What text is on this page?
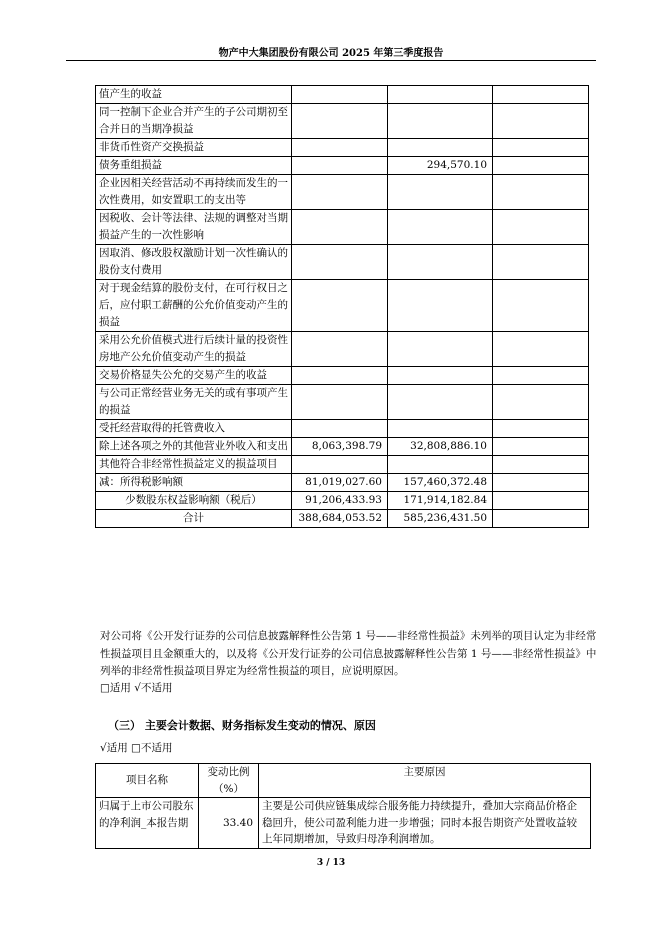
物产中大集团股份有限公司 2025 年第三季度报告
值产生的收益			
同一控制下企业合并产生的子公司期初至合并日的当期净损益			
非货币性资产交换损益			
债务重组损益		294,570.10	
企业因相关经营活动不再持续而发生的一次性费用，如安置职工的支出等			
因税收、会计等法律、法规的调整对当期损益产生的一次性影响			
因取消、修改股权激励计划一次性确认的股份支付费用			
对于现金结算的股份支付，在可行权日之后，应付职工薪酬的公允价值变动产生的损益			
采用公允价值模式进行后续计量的投资性房地产公允价值变动产生的损益			
交易价格显失公允的交易产生的收益			
与公司正常经营业务无关的或有事项产生的损益			
受托经营取得的托管费收入			
除上述各项之外的其他营业外收入和支出	8,063,398.79	32,808,886.10	
其他符合非经常性损益定义的损益项目			
减：所得税影响额	81,019,027.60	157,460,372.48	
少数股东权益影响额（税后）	91,206,433.93	171,914,182.84	
合计	388,684,053.52	585,236,431.50	
对公司将《公开发行证券的公司信息披露解释性公告第 1 号——非经常性损益》未列举的项目认定为非经常性损益项目且金额重大的，以及将《公开发行证券的公司信息披露解释性公告第 1 号——非经常性损益》中列举的非经常性损益项目界定为经常性损益的项目，应说明原因。
□适用 √不适用
（三） 主要会计数据、财务指标发生变动的情况、原因
√适用 □不适用
项目名称	变动比例（%）	主要原因
归属于上市公司股东的净利润_本报告期	33.40	主要是公司供应链集成综合服务能力持续提升，叠加大宗商品价格企稳回升，使公司盈利能力进一步增强；同时本报告期资产处置收益较上年同期增加，导致归母净利润增加。
3 / 13
